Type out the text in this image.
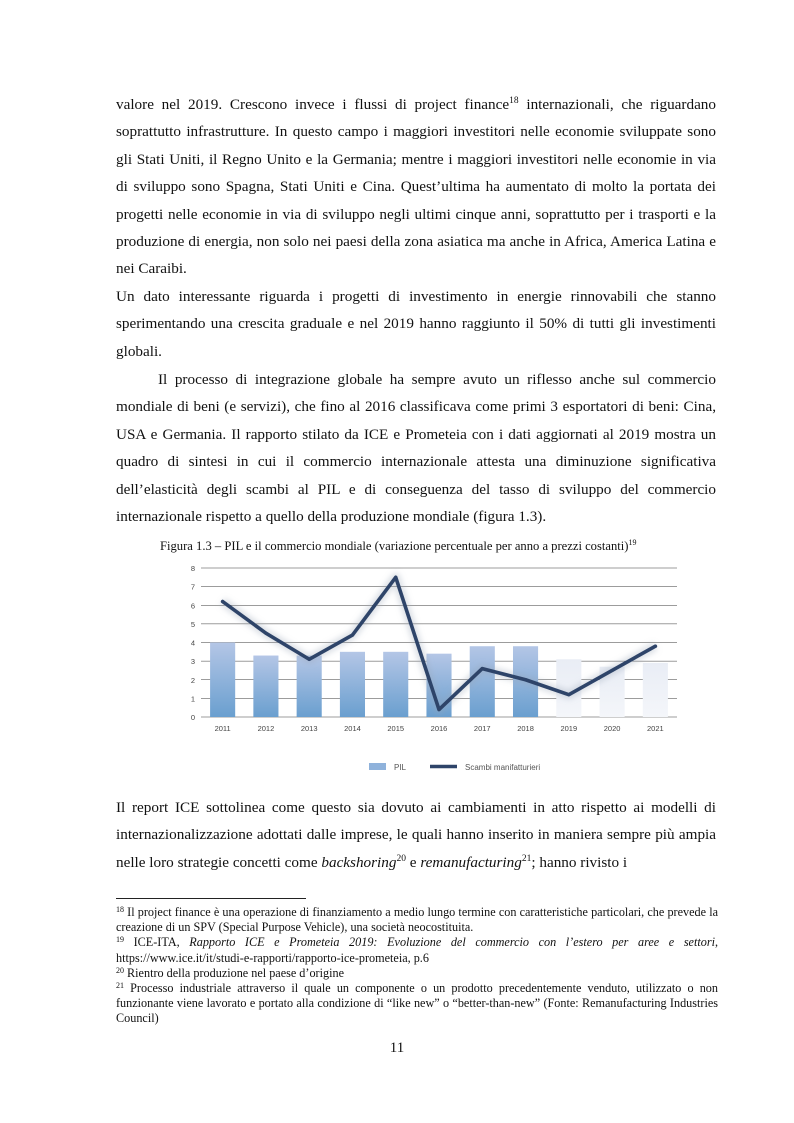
valore nel 2019. Crescono invece i flussi di project finance$^{18}$ internazionali, che riguardano soprattutto infrastrutture. In questo campo i maggiori investitori nelle economie sviluppate sono gli Stati Uniti, il Regno Unito e la Germania; mentre i maggiori investitori nelle economie in via di sviluppo sono Spagna, Stati Uniti e Cina. Quest’ultima ha aumentato di molto la portata dei progetti nelle economie in via di sviluppo negli ultimi cinque anni, soprattutto per i trasporti e la produzione di energia, non solo nei paesi della zona asiatica ma anche in Africa, America Latina e nei Caraibi.

Un dato interessante riguarda i progetti di investimento in energie rinnovabili che stanno sperimentando una crescita graduale e nel 2019 hanno raggiunto il 50% di tutti gli investimenti globali.

Il processo di integrazione globale ha sempre avuto un riflesso anche sul commercio mondiale di beni (e servizi), che fino al 2016 classificava come primi 3 esportatori di beni: Cina, USA e Germania. Il rapporto stilato da ICE e Prometeia con i dati aggiornati al 2019 mostra un quadro di sintesi in cui il commercio internazionale attesta una diminuzione significativa dell’elasticità degli scambi al PIL e di conseguenza del tasso di sviluppo del commercio internazionale rispetto a quello della produzione mondiale (figura 1.3).

Figura 1.3 – PIL e il commercio mondiale (variazione percentuale per anno a prezzi costanti)$^{19}$
0
1
2
3
4
5
6
7
8
2011	2012	2013	2014	2015	2016	2017	2018	2019	2020	2021
PIL	Scambi manifatturieri

Il report ICE sottolinea come questo sia dovuto ai cambiamenti in atto rispetto ai modelli di internazionalizzazione adottati dalle imprese, le quali hanno inserito in maniera sempre più ampia nelle loro strategie concetti come backshoring$^{20}$ e remanufacturing$^{21}$; hanno rivisto i

$^{18}$ Il project finance è una operazione di finanziamento a medio lungo termine con caratteristiche particolari, che prevede la creazione di un SPV (Special Purpose Vehicle), una società neocostituita.

$^{19}$ ICE-ITA, Rapporto ICE e Prometeia 2019: Evoluzione del commercio con l’estero per aree e settori, https://www.ice.it/it/studi-e-rapporti/rapporto-ice-prometeia, p.6

$^{20}$ Rientro della produzione nel paese d’origine

$^{21}$ Processo industriale attraverso il quale un componente o un prodotto precedentemente venduto, utilizzato o non funzionante viene lavorato e portato alla condizione di “like new” o “better-than-new” (Fonte: Remanufacturing Industries Council)

11
